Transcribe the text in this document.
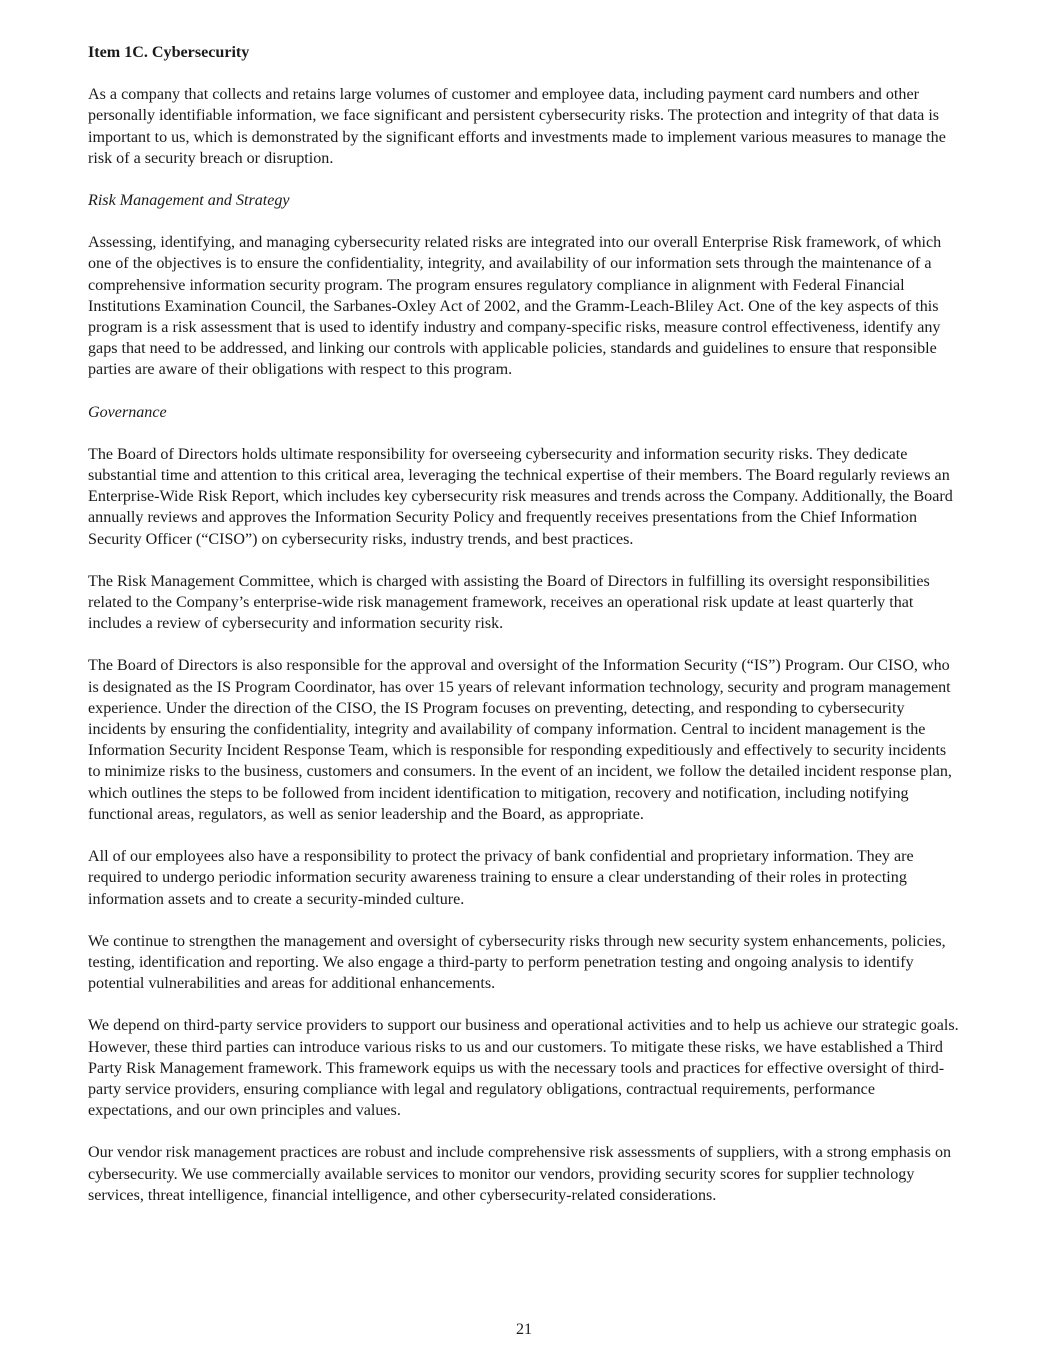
Item 1C. Cybersecurity

As a company that collects and retains large volumes of customer and employee data, including payment card numbers and other personally identifiable information, we face significant and persistent cybersecurity risks. The protection and integrity of that data is important to us, which is demonstrated by the significant efforts and investments made to implement various measures to manage the risk of a security breach or disruption.

Risk Management and Strategy

Assessing, identifying, and managing cybersecurity related risks are integrated into our overall Enterprise Risk framework, of which one of the objectives is to ensure the confidentiality, integrity, and availability of our information sets through the maintenance of a comprehensive information security program. The program ensures regulatory compliance in alignment with Federal Financial Institutions Examination Council, the Sarbanes-Oxley Act of 2002, and the Gramm-Leach-Bliley Act. One of the key aspects of this program is a risk assessment that is used to identify industry and company-specific risks, measure control effectiveness, identify any gaps that need to be addressed, and linking our controls with applicable policies, standards and guidelines to ensure that responsible parties are aware of their obligations with respect to this program.

Governance

The Board of Directors holds ultimate responsibility for overseeing cybersecurity and information security risks. They dedicate substantial time and attention to this critical area, leveraging the technical expertise of their members. The Board regularly reviews an Enterprise-Wide Risk Report, which includes key cybersecurity risk measures and trends across the Company. Additionally, the Board annually reviews and approves the Information Security Policy and frequently receives presentations from the Chief Information Security Officer (“CISO”) on cybersecurity risks, industry trends, and best practices.

The Risk Management Committee, which is charged with assisting the Board of Directors in fulfilling its oversight responsibilities related to the Company’s enterprise-wide risk management framework, receives an operational risk update at least quarterly that includes a review of cybersecurity and information security risk.

The Board of Directors is also responsible for the approval and oversight of the Information Security (“IS”) Program. Our CISO, who is designated as the IS Program Coordinator, has over 15 years of relevant information technology, security and program management experience. Under the direction of the CISO, the IS Program focuses on preventing, detecting, and responding to cybersecurity incidents by ensuring the confidentiality, integrity and availability of company information. Central to incident management is the Information Security Incident Response Team, which is responsible for responding expeditiously and effectively to security incidents to minimize risks to the business, customers and consumers. In the event of an incident, we follow the detailed incident response plan, which outlines the steps to be followed from incident identification to mitigation, recovery and notification, including notifying functional areas, regulators, as well as senior leadership and the Board, as appropriate.

All of our employees also have a responsibility to protect the privacy of bank confidential and proprietary information. They are required to undergo periodic information security awareness training to ensure a clear understanding of their roles in protecting information assets and to create a security-minded culture.

We continue to strengthen the management and oversight of cybersecurity risks through new security system enhancements, policies, testing, identification and reporting. We also engage a third-party to perform penetration testing and ongoing analysis to identify potential vulnerabilities and areas for additional enhancements.

We depend on third-party service providers to support our business and operational activities and to help us achieve our strategic goals. However, these third parties can introduce various risks to us and our customers. To mitigate these risks, we have established a Third Party Risk Management framework. This framework equips us with the necessary tools and practices for effective oversight of third-party service providers, ensuring compliance with legal and regulatory obligations, contractual requirements, performance expectations, and our own principles and values.

Our vendor risk management practices are robust and include comprehensive risk assessments of suppliers, with a strong emphasis on cybersecurity. We use commercially available services to monitor our vendors, providing security scores for supplier technology services, threat intelligence, financial intelligence, and other cybersecurity-related considerations.

21
